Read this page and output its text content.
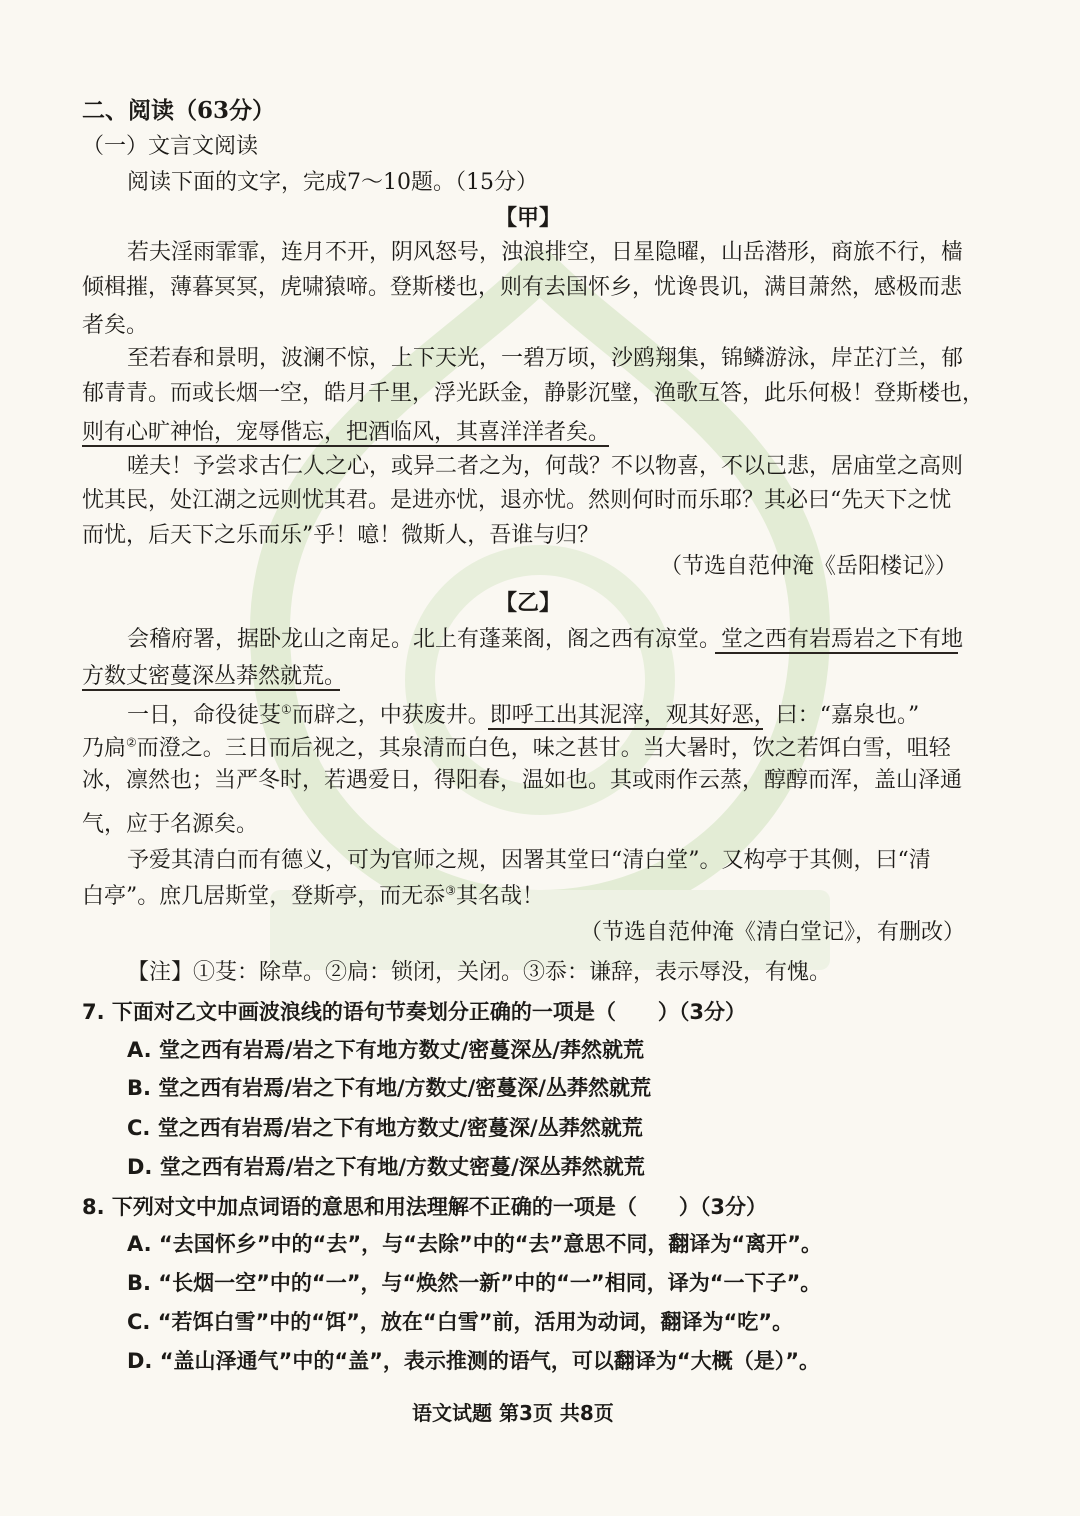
二、阅读（63分）
（一）文言文阅读
阅读下面的文字，完成7～10题。（15分）
【甲】
若夫淫雨霏霏，连月不开，阴风怒号，浊浪排空，日星隐曜，山岳潜形，商旅不行，樯
倾楫摧，薄暮冥冥，虎啸猿啼。登斯楼也，则有去国怀乡，忧谗畏讥，满目萧然，感极而悲
者矣。
至若春和景明，波澜不惊，上下天光，一碧万顷，沙鸥翔集，锦鳞游泳，岸芷汀兰，郁
郁青青。而或长烟一空，皓月千里，浮光跃金，静影沉璧，渔歌互答，此乐何极！登斯楼也，
则有心旷神怡，宠辱偕忘，把酒临风，其喜洋洋者矣。
嗟夫！予尝求古仁人之心，或异二者之为，何哉？不以物喜，不以己悲，居庙堂之高则
忧其民，处江湖之远则忧其君。是进亦忧，退亦忧。然则何时而乐耶？其必曰“先天下之忧
而忧，后天下之乐而乐”乎！噫！微斯人，吾谁与归？
（节选自范仲淹《岳阳楼记》）
【乙】
会稽府署，据卧龙山之南足。北上有蓬莱阁，阁之西有凉堂。堂之西有岩焉岩之下有地
方数丈密蔓深丛莽然就荒。
一日，命役徒芟①而辟之，中获废井。即呼工出其泥滓，观其好恶，曰：“嘉泉也。”
乃扃②而澄之。三日而后视之，其泉清而白色，味之甚甘。当大暑时，饮之若饵白雪，咀轻
冰，凛然也；当严冬时，若遇爱日，得阳春，温如也。其或雨作云蒸，醇醇而浑，盖山泽通
气，应于名源矣。
予爱其清白而有德义，可为官师之规，因署其堂曰“清白堂”。又构亭于其侧，曰“清
白亭”。庶几居斯堂，登斯亭，而无忝③其名哉！
（节选自范仲淹《清白堂记》，有删改）
【注】①芟：除草。②扃：锁闭，关闭。③忝：谦辞，表示辱没，有愧。
7. 下面对乙文中画波浪线的语句节奏划分正确的一项是（　　）（3分）
A. 堂之西有岩焉/岩之下有地方数丈/密蔓深丛/莽然就荒
B. 堂之西有岩焉/岩之下有地/方数丈/密蔓深/丛莽然就荒
C. 堂之西有岩焉/岩之下有地方数丈/密蔓深/丛莽然就荒
D. 堂之西有岩焉/岩之下有地/方数丈密蔓/深丛莽然就荒
8. 下列对文中加点词语的意思和用法理解不正确的一项是（　　）（3分）
A. “去国怀乡”中的“去”，与“去除”中的“去”意思不同，翻译为“离开”。
B. “长烟一空”中的“一”，与“焕然一新”中的“一”相同，译为“一下子”。
C. “若饵白雪”中的“饵”，放在“白雪”前，活用为动词，翻译为“吃”。
D. “盖山泽通气”中的“盖”，表示推测的语气，可以翻译为“大概（是）”。
语文试题 第3页 共8页
